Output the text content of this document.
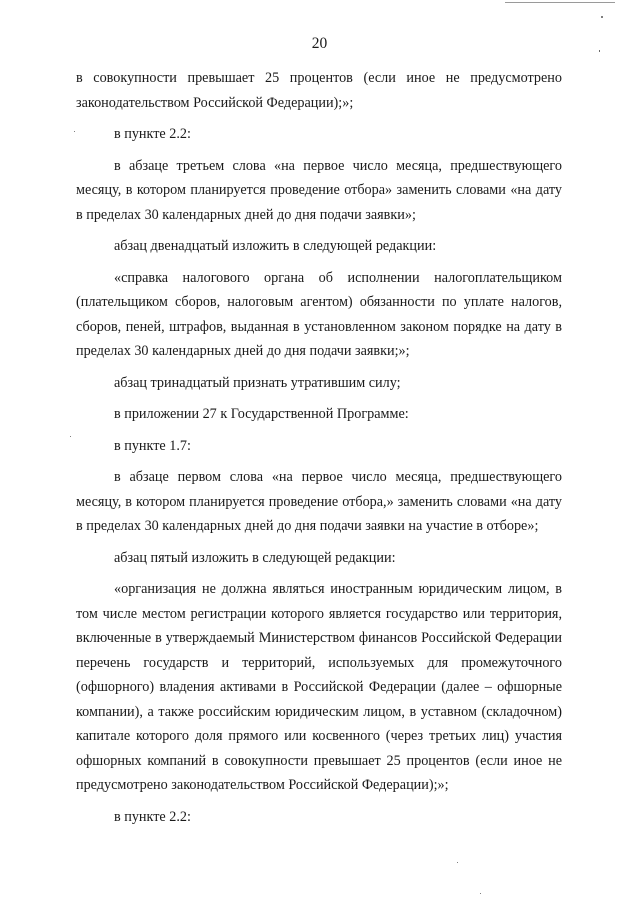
20

в совокупности превышает 25 процентов (если иное не предусмотрено законодательством Российской Федерации);»;

в пункте 2.2:

в абзаце третьем слова «на первое число месяца, предшествующего месяцу, в котором планируется проведение отбора» заменить словами «на дату в пределах 30 календарных дней до дня подачи заявки»;

абзац двенадцатый изложить в следующей редакции:

«справка налогового органа об исполнении налогоплательщиком (плательщиком сборов, налоговым агентом) обязанности по уплате налогов, сборов, пеней, штрафов, выданная в установленном законом порядке на дату в пределах 30 календарных дней до дня подачи заявки;»;

абзац тринадцатый признать утратившим силу;

в приложении 27 к Государственной Программе:

в пункте 1.7:

в абзаце первом слова «на первое число месяца, предшествующего месяцу, в котором планируется проведение отбора,» заменить словами «на дату в пределах 30 календарных дней до дня подачи заявки на участие в отборе»;

абзац пятый изложить в следующей редакции:

«организация не должна являться иностранным юридическим лицом, в том числе местом регистрации которого является государство или территория, включенные в утверждаемый Министерством финансов Российской Федерации перечень государств и территорий, используемых для промежуточного (офшорного) владения активами в Российской Федерации (далее – офшорные компании), а также российским юридическим лицом, в уставном (складочном) капитале которого доля прямого или косвенного (через третьих лиц) участия офшорных компаний в совокупности превышает 25 процентов (если иное не предусмотрено законодательством Российской Федерации);»;

в пункте 2.2:
